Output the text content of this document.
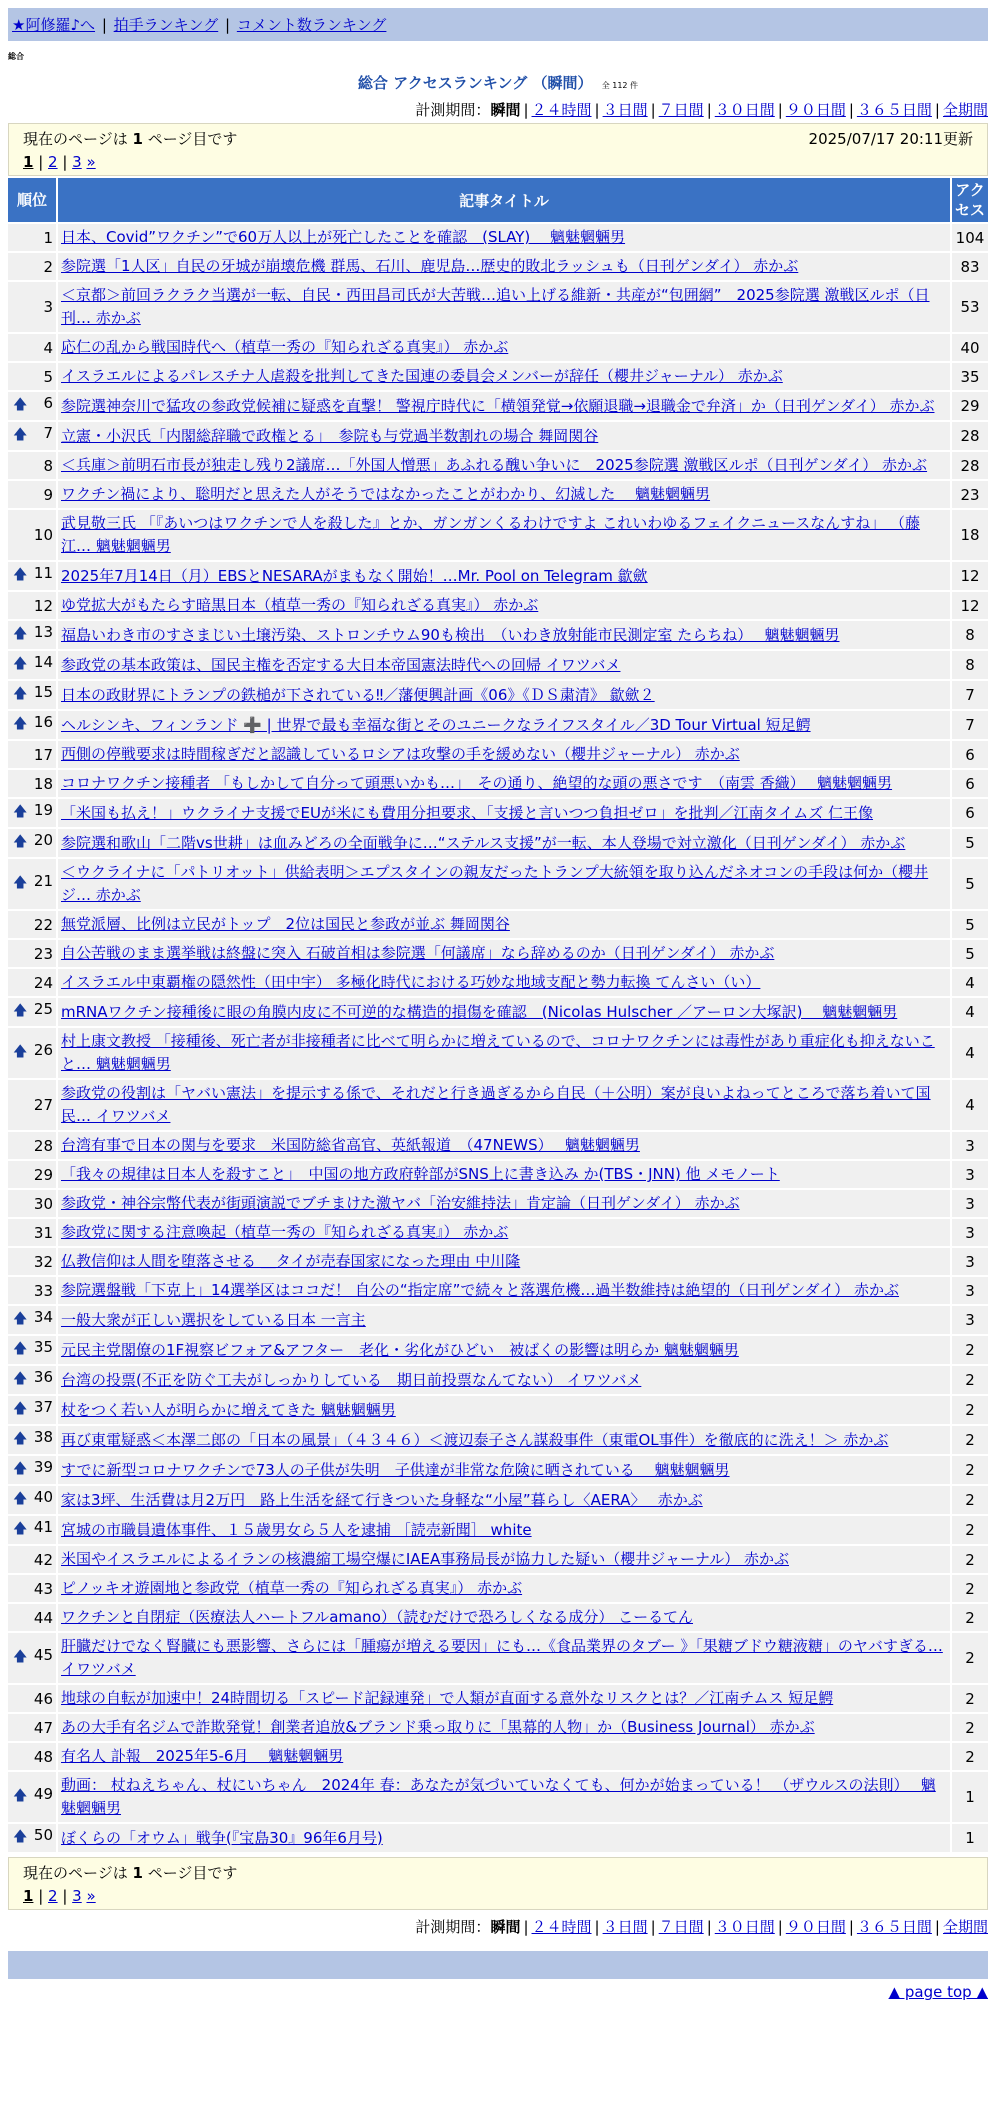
★阿修羅♪へ | 拍手ランキング | コメント数ランキング
総合
総合 アクセスランキング （瞬間） 全 112 件
計測期間：瞬間 | ２４時間 | ３日間 | ７日間 | ３０日間 | ９０日間 | ３６５日間 | 全期間
現在のページは 1 ページ目です	2025/07/17 20:11更新
1 | 2 | 3 »
順位	記事タイトル	アクセス
1	日本、Covid”ワクチン”で60万人以上が死亡したことを確認　(SLAY)　 魑魅魍魎男	104
2	参院選「1人区」自民の牙城が崩壊危機 群馬、石川、鹿児島…歴史的敗北ラッシュも（日刊ゲンダイ） 赤かぶ	83
3	＜京都＞前回ラクラク当選が一転、自民・西田昌司氏が大苦戦…追い上げる維新・共産が“包囲網”　2025参院選 激戦区ルポ（日刊… 赤かぶ	53
4	応仁の乱から戦国時代へ（植草一秀の『知られざる真実』） 赤かぶ	40
5	イスラエルによるパレスチナ人虐殺を批判してきた国連の委員会メンバーが辞任（櫻井ジャーナル） 赤かぶ	35

🡅 6	参院選神奈川で猛攻の参政党候補に疑惑を直撃！ 警視庁時代に「横領発覚→依願退職→退職金で弁済」か（日刊ゲンダイ） 赤かぶ	29

🡅 7	立憲・小沢氏「内閣総辞職で政権とる」　参院も与党過半数割れの場合 舞岡関谷	28
8	＜兵庫＞前明石市長が独走し残り2議席…「外国人憎悪」あふれる醜い争いに　2025参院選 激戦区ルポ（日刊ゲンダイ） 赤かぶ	28
9	ワクチン禍により、聡明だと思えた人がそうではなかったことがわかり、幻滅した　 魑魅魍魎男	23
10	武見敬三氏 「『あいつはワクチンで人を殺した』とか、ガンガンくるわけですよ これいわゆるフェイクニュースなんすね」 （藤江… 魑魅魍魎男	18

🡅 11	2025年7月14日（月）EBSとNESARAがまもなく開始！…Mr. Pool on Telegram 歙歛	12
12	ゆ党拡大がもたらす暗黒日本（植草一秀の『知られざる真実』） 赤かぶ	12

🡅 13	福島いわき市のすさまじい土壌汚染、ストロンチウム90も検出　（いわき放射能市民測定室 たらちね）　 魑魅魍魎男	8

🡅 14	参政党の基本政策は、国民主権を否定する大日本帝国憲法時代への回帰 イワツバメ	8

🡅 15	日本の政財界にトランプの鉄槌が下されている‼／藩便興計画《06》《ＤＳ粛清》 歙歛２	7

🡅 16	ヘルシンキ、フィンランド ➕ | 世界で最も幸福な街とそのユニークなライフスタイル／3D Tour Virtual 短足鰐	7
17	西側の停戦要求は時間稼ぎだと認識しているロシアは攻撃の手を緩めない（櫻井ジャーナル） 赤かぶ	6
18	コロナワクチン接種者 「もしかして自分って頭悪いかも…」　その通り、絶望的な頭の悪さです　（南雲 香織）　 魑魅魍魎男	6

🡅 19	「米国も払え！」ウクライナ支援でEUが米にも費用分担要求、「支援と言いつつ負担ゼロ」を批判／江南タイムズ 仁王像	6

🡅 20	参院選和歌山「二階vs世耕」は血みどろの全面戦争に…“ステルス支援”が一転、本人登場で対立激化（日刊ゲンダイ） 赤かぶ	5

🡅 21	＜ウクライナに「パトリオット」供給表明＞エプスタインの親友だったトランプ大統領を取り込んだネオコンの手段は何か（櫻井ジ… 赤かぶ	5
22	無党派層、比例は立民がトップ　2位は国民と参政が並ぶ 舞岡関谷	5
23	自公苦戦のまま選挙戦は終盤に突入 石破首相は参院選「何議席」なら辞めるのか（日刊ゲンダイ） 赤かぶ	5
24	イスラエル中東覇権の隠然性（田中宇） 多極化時代における巧妙な地域支配と勢力転換 てんさい（い）	4

🡅 25	mRNAワクチン接種後に眼の角膜内皮に不可逆的な構造的損傷を確認　(Nicolas Hulscher ／アーロン大塚訳)　 魑魅魍魎男	4

🡅 26	村上康文教授 「接種後、死亡者が非接種者に比べて明らかに増えているので、コロナワクチンには毒性があり重症化も抑えないこと… 魑魅魍魎男	4
27	参政党の役割は「ヤバい憲法」を提示する係で、それだと行き過ぎるから自民（＋公明）案が良いよねってところで落ち着いて国民… イワツバメ	4
28	台湾有事で日本の関与を要求　米国防総省高官、英紙報道　（47NEWS）　 魑魅魍魎男	3
29	「我々の規律は日本人を殺すこと」　中国の地方政府幹部がSNS上に書き込み か(TBS・JNN) 他 メモノート	3
30	参政党・神谷宗幣代表が街頭演説でブチまけた激ヤバ「治安維持法」肯定論（日刊ゲンダイ） 赤かぶ	3
31	参政党に関する注意喚起（植草一秀の『知られざる真実』） 赤かぶ	3
32	仏教信仰は人間を堕落させる ＿タイが売春国家になった理由 中川隆	3
33	参院選盤戦「下克上」14選挙区はココだ！ 自公の“指定席”で続々と落選危機…過半数維持は絶望的（日刊ゲンダイ） 赤かぶ	3

🡅 34	一般大衆が正しい選択をしている日本 一言主	3

🡅 35	元民主党閣僚の1F視察ビフォア&アフター　老化・劣化がひどい　被ばくの影響は明らか 魑魅魍魎男	2

🡅 36	台湾の投票(不正を防ぐ工夫がしっかりしている　期日前投票なんてない） イワツバメ	2

🡅 37	杖をつく若い人が明らかに増えてきた 魑魅魍魎男	2

🡅 38	再び東電疑惑＜本澤二郎の「日本の風景」（４３４６）＜渡辺泰子さん謀殺事件（東電OL事件）を徹底的に洗え！＞ 赤かぶ	2

🡅 39	すでに新型コロナワクチンで73人の子供が失明　子供達が非常な危険に晒されている　 魑魅魍魎男	2

🡅 40	家は3坪、生活費は月2万円　路上生活を経て行きついた身軽な“小屋”暮らし〈AERA〉　 赤かぶ	2

🡅 41	宮城の市職員遺体事件、１５歳男女ら５人を逮捕 ［読売新聞］ white	2
42	米国やイスラエルによるイランの核濃縮工場空爆にIAEA事務局長が協力した疑い（櫻井ジャーナル） 赤かぶ	2
43	ピノッキオ遊園地と参政党（植草一秀の『知られざる真実』） 赤かぶ	2
44	ワクチンと自閉症（医療法人ハートフルamano）（読むだけで恐ろしくなる成分） こーるてん	2

🡅 45	肝臓だけでなく腎臓にも悪影響、さらには「腫瘍が増える要因」にも…《食品業界のタブー 》「果糖ブドウ糖液糖」のヤバすぎる… イワツバメ	2
46	地球の自転が加速中！24時間切る「スピード記録連発」で人類が直面する意外なリスクとは？／江南チムス 短足鰐	2
47	あの大手有名ジムで詐欺発覚！創業者追放&ブランド乗っ取りに「黒幕的人物」か（Business Journal） 赤かぶ	2
48	有名人 訃報　2025年5-6月　 魑魅魍魎男	2

🡅 49	動画： 杖ねえちゃん、杖にいちゃん　2024年 春：あなたが気づいていなくても、何かが始まっている！ （ザウルスの法則）　 魑魅魍魎男	1

🡅 50	ぼくらの「オウム」戦争(『宝島30』96年6月号)	1
現在のページは 1 ページ目です
1 | 2 | 3 »
計測期間：瞬間 | ２４時間 | ３日間 | ７日間 | ３０日間 | ９０日間 | ３６５日間 | 全期間
▲ page top ▲
